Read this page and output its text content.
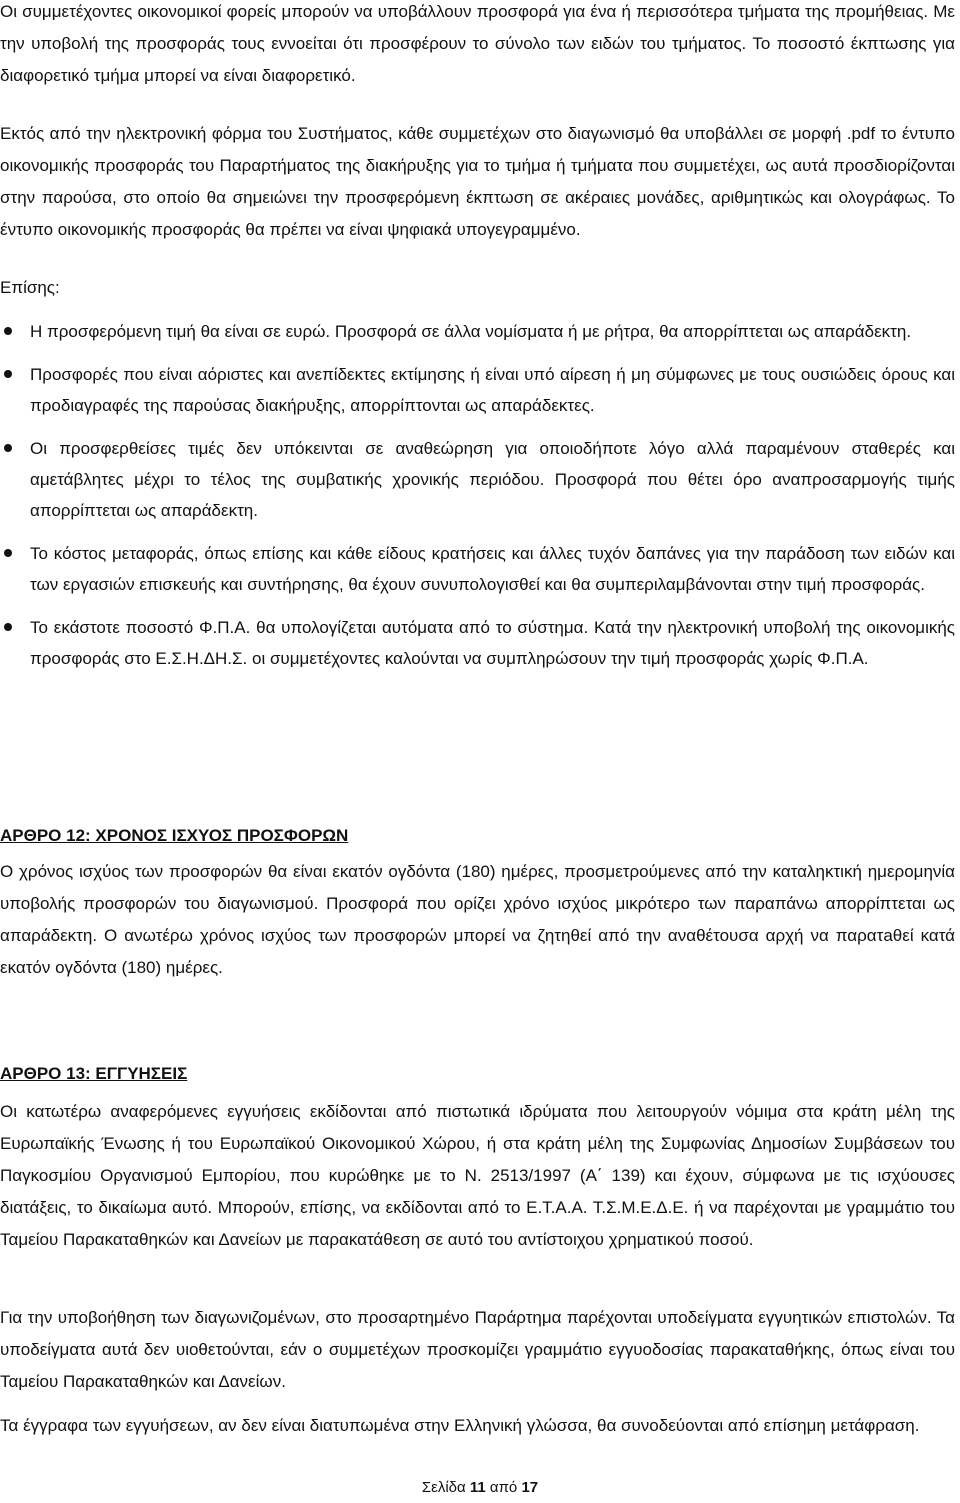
Οι συμμετέχοντες οικονομικοί φορείς μπορούν να υποβάλλουν προσφορά για ένα ή περισσότερα τμήματα της προμήθειας. Με την υποβολή της προσφοράς τους εννοείται ότι προσφέρουν το σύνολο των ειδών του τμήματος. Το ποσοστό έκπτωσης για διαφορετικό τμήμα μπορεί να είναι διαφορετικό.

Εκτός από την ηλεκτρονική φόρμα του Συστήματος, κάθε συμμετέχων στο διαγωνισμό θα υποβάλλει σε μορφή .pdf το έντυπο οικονομικής προσφοράς του Παραρτήματος της διακήρυξης για το τμήμα ή τμήματα που συμμετέχει, ως αυτά προσδιορίζονται στην παρούσα, στο οποίο θα σημειώνει την προσφερόμενη έκπτωση σε ακέραιες μονάδες, αριθμητικώς και ολογράφως. Το έντυπο οικονομικής προσφοράς θα πρέπει να είναι ψηφιακά υπογεγραμμένο.

Επίσης:

Η προσφερόμενη τιμή θα είναι σε ευρώ. Προσφορά σε άλλα νομίσματα ή με ρήτρα, θα απορρίπτεται ως απαράδεκτη.
Προσφορές που είναι αόριστες και ανεπίδεκτες εκτίμησης ή είναι υπό αίρεση ή μη σύμφωνες με τους ουσιώδεις όρους και προδιαγραφές της παρούσας διακήρυξης, απορρίπτονται ως απαράδεκτες.
Οι προσφερθείσες τιμές δεν υπόκεινται σε αναθεώρηση για οποιοδήποτε λόγο αλλά παραμένουν σταθερές και αμετάβλητες μέχρι το τέλος της συμβατικής χρονικής περιόδου. Προσφορά που θέτει όρο αναπροσαρμογής τιμής απορρίπτεται ως απαράδεκτη.
Το κόστος μεταφοράς, όπως επίσης και κάθε είδους κρατήσεις και άλλες τυχόν δαπάνες για την παράδοση των ειδών και των εργασιών επισκευής και συντήρησης, θα έχουν συνυπολογισθεί και θα συμπεριλαμβάνονται στην τιμή προσφοράς.
Το εκάστοτε ποσοστό Φ.Π.Α. θα υπολογίζεται αυτόματα από το σύστημα. Κατά την ηλεκτρονική υποβολή της οικονομικής προσφοράς στο Ε.Σ.Η.ΔΗ.Σ. οι συμμετέχοντες καλούνται να συμπληρώσουν την τιμή προσφοράς χωρίς Φ.Π.Α.
ΑΡΘΡΟ 12: ΧΡΟΝΟΣ ΙΣΧΥΟΣ ΠΡΟΣΦΟΡΩΝ

Ο χρόνος ισχύος των προσφορών θα είναι εκατόν ογδόντα (180) ημέρες, προσμετρούμενες από την καταληκτική ημερομηνία υποβολής προσφορών του διαγωνισμού. Προσφορά που ορίζει χρόνο ισχύος μικρότερο των παραπάνω απορρίπτεται ως απαράδεκτη. Ο ανωτέρω χρόνος ισχύος των προσφορών μπορεί να ζητηθεί από την αναθέτουσα αρχή να παρατaθεί κατά εκατόν ογδόντα (180) ημέρες.

ΑΡΘΡΟ 13: ΕΓΓΥΗΣΕΙΣ

Οι κατωτέρω αναφερόμενες εγγυήσεις εκδίδονται από πιστωτικά ιδρύματα που λειτουργούν νόμιμα στα κράτη μέλη της Ευρωπαϊκής Ένωσης ή του Ευρωπαϊκού Οικονομικού Χώρου, ή στα κράτη μέλη της Συμφωνίας Δημοσίων Συμβάσεων του Παγκοσμίου Οργανισμού Εμπορίου, που κυρώθηκε με το Ν. 2513/1997 (Α΄ 139) και έχουν, σύμφωνα με τις ισχύουσες διατάξεις, το δικαίωμα αυτό. Μπορούν, επίσης, να εκδίδονται από το Ε.Τ.Α.Α. Τ.Σ.Μ.Ε.Δ.Ε. ή να παρέχονται με γραμμάτιο του Ταμείου Παρακαταθηκών και Δανείων με παρακατάθεση σε αυτό του αντίστοιχου χρηματικού ποσού.

Για την υποβοήθηση των διαγωνιζομένων, στο προσαρτημένο Παράρτημα παρέχονται υποδείγματα εγγυητικών επιστολών. Τα υποδείγματα αυτά δεν υιοθετούνται, εάν ο συμμετέχων προσκομίζει γραμμάτιο εγγυοδοσίας παρακαταθήκης, όπως είναι του Ταμείου Παρακαταθηκών και Δανείων.

Τα έγγραφα των εγγυήσεων, αν δεν είναι διατυπωμένα στην Ελληνική γλώσσα, θα συνοδεύονται από επίσημη μετάφραση.

Σελίδα 11 από 17
